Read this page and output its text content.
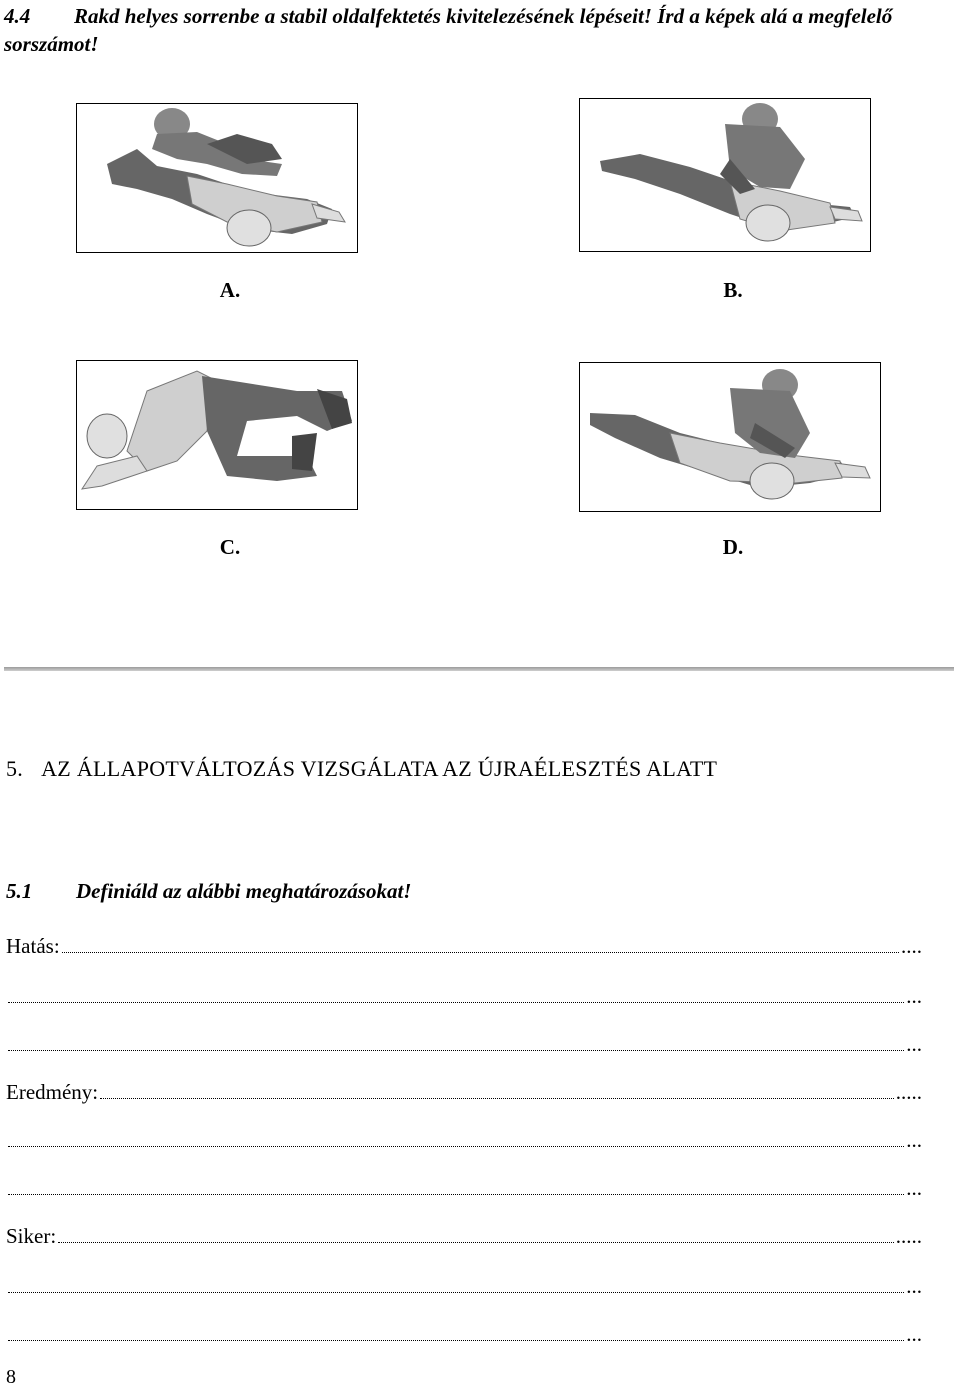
4.4 Rakd helyes sorrenbe a stabil oldalfektetés kivitelezésének lépéseit! Írd a képek alá a megfelelő sorszámot!
A.	B.
C.	D.
5. AZ ÁLLAPOTVÁLTOZÁS VIZSGÁLATA AZ ÚJRAÉLESZTÉS ALATT
5.1 Definiáld az alábbi meghatározásokat!
Hatás:	....
...
...
Eredmény:	.....
...
...
Siker:	.....
...
...
8
